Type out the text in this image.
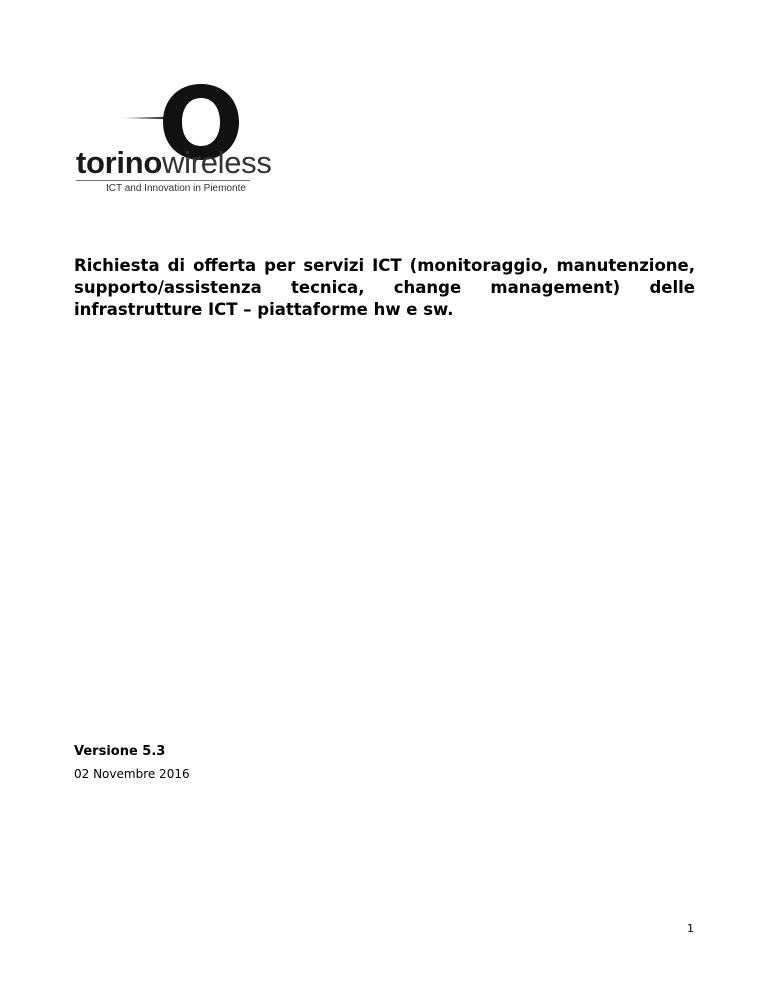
torinowireless
ICT and Innovation in Piemonte
Richiesta di offerta per servizi ICT (monitoraggio, manutenzione,
supporto/assistenza tecnica, change management) delle
infrastrutture ICT – piattaforme hw e sw.
Versione 5.3
02 Novembre 2016
1
